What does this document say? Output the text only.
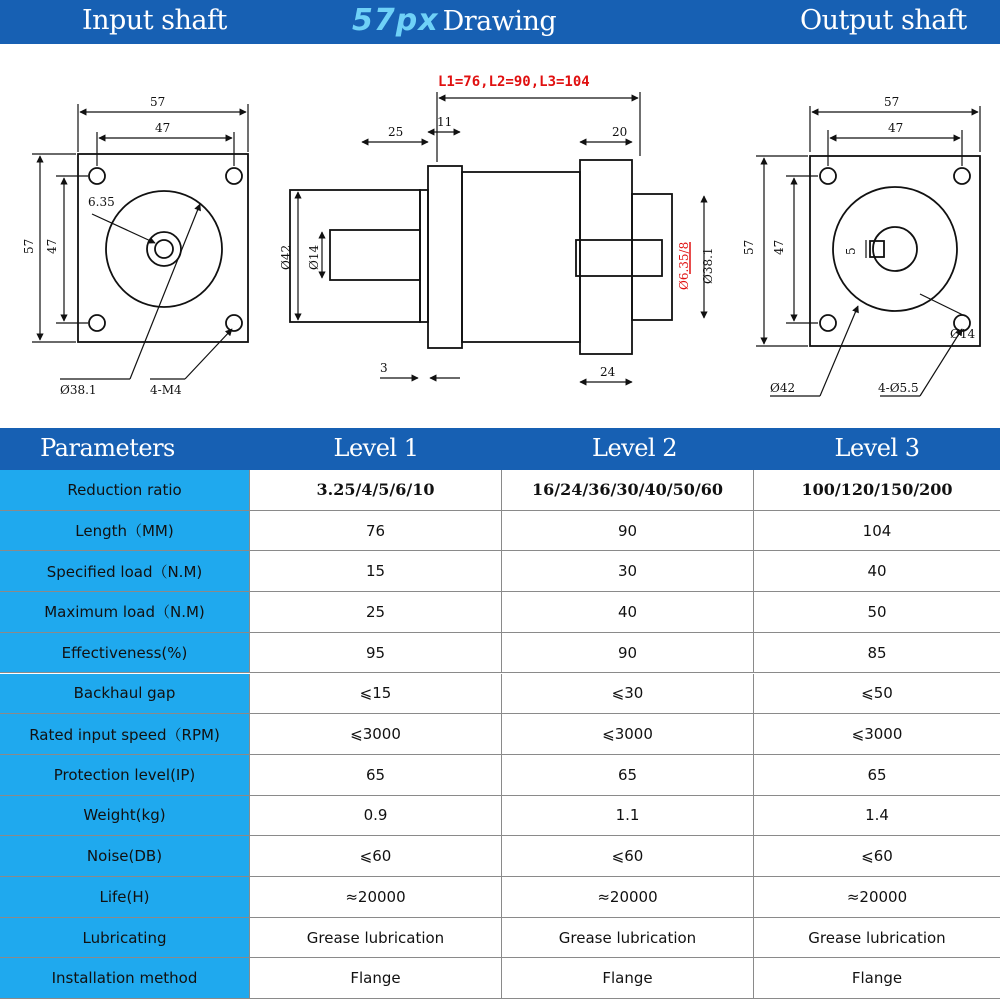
Input shaft	57px Drawing	Output shaft
57
47
57 47
6.35
Ø38.1	4-M4
L1=76,L2=90,L3=104
25
11
20
3	24
Ø42 Ø14	Ø6.35/8 Ø38.1
57
47
57 47	5
Ø14
Ø42	4-Ø5.5
Parameters	Level 1	Level 2	Level 3
Reduction ratio	3.25/4/5/6/10	16/24/36/30/40/50/60	100/120/150/200
Length（MM)	76	90	104
Specified load（N.M)	15	30	40
Maximum load（N.M)	25	40	50
Effectiveness(%)	95	90	85
Backhaul gap	⩽15	⩽30	⩽50
Rated input speed（RPM)	⩽3000	⩽3000	⩽3000
Protection level(IP)	65	65	65
Weight(kg)	0.9	1.1	1.4
Noise(DB)	⩽60	⩽60	⩽60
Life(H)	≈20000	≈20000	≈20000
Lubricating	Grease lubrication	Grease lubrication	Grease lubrication
Installation method	Flange	Flange	Flange
